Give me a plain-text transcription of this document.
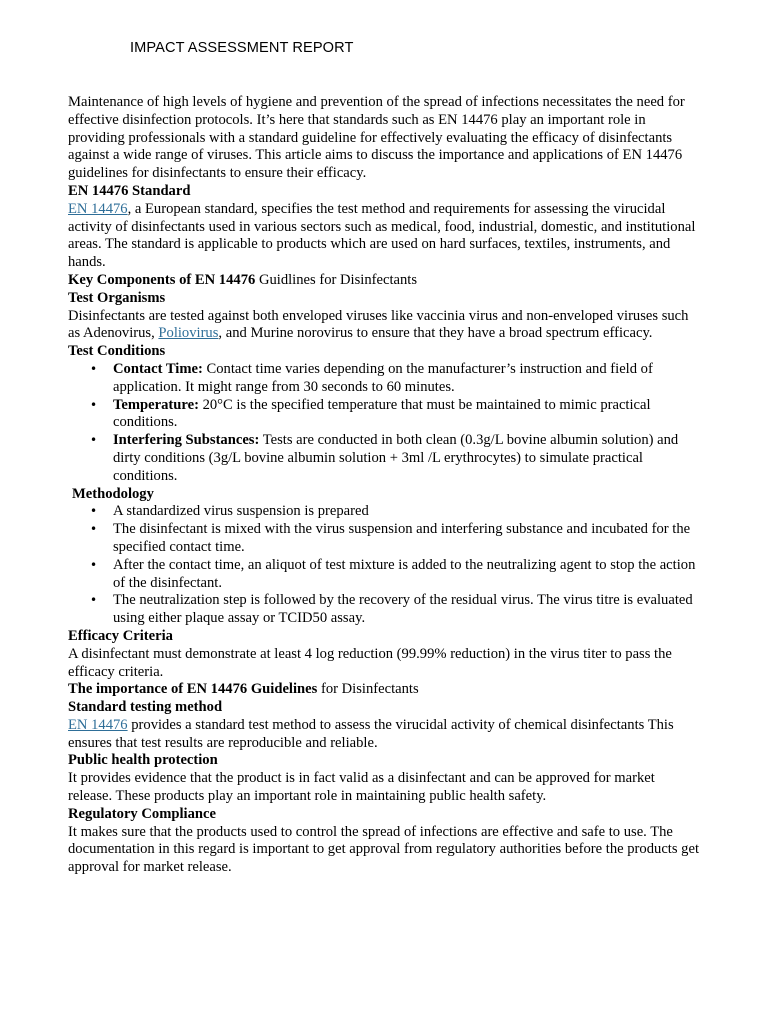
IMPACT ASSESSMENT REPORT

Maintenance of high levels of hygiene and prevention of the spread of infections necessitates the need for effective disinfection protocols. It’s here that standards such as EN 14476 play an important role in providing professionals with a standard guideline for effectively evaluating the efficacy of disinfectants against a wide range of viruses. This article aims to discuss the importance and applications of EN 14476 guidelines for disinfectants to ensure their efficacy.

EN 14476 Standard

EN 14476, a European standard, specifies the test method and requirements for assessing the virucidal activity of disinfectants used in various sectors such as medical, food, industrial, domestic, and institutional areas. The standard is applicable to products which are used on hard surfaces, textiles, instruments, and hands.

Key Components of EN 14476 Guidlines for Disinfectants

Test Organisms

Disinfectants are tested against both enveloped viruses like vaccinia virus and non-enveloped viruses such as Adenovirus, Poliovirus, and Murine norovirus to ensure that they have a broad spectrum efficacy.

Test Conditions

• Contact Time: Contact time varies depending on the manufacturer’s instruction and field of application. It might range from 30 seconds to 60 minutes.
• Temperature: 20°C is the specified temperature that must be maintained to mimic practical conditions.
• Interfering Substances: Tests are conducted in both clean (0.3g/L bovine albumin solution) and dirty conditions (3g/L bovine albumin solution + 3ml /L erythrocytes) to simulate practical conditions.

Methodology

• A standardized virus suspension is prepared
• The disinfectant is mixed with the virus suspension and interfering substance and incubated for the specified contact time.
• After the contact time, an aliquot of test mixture is added to the neutralizing agent to stop the action of the disinfectant.
• The neutralization step is followed by the recovery of the residual virus. The virus titre is evaluated using either plaque assay or TCID50 assay.

Efficacy Criteria

A disinfectant must demonstrate at least 4 log reduction (99.99% reduction) in the virus titer to pass the efficacy criteria.

The importance of EN 14476 Guidelines for Disinfectants

Standard testing method

EN 14476 provides a standard test method to assess the virucidal activity of chemical disinfectants This ensures that test results are reproducible and reliable.

Public health protection

It provides evidence that the product is in fact valid as a disinfectant and can be approved for market release. These products play an important role in maintaining public health safety.

Regulatory Compliance

It makes sure that the products used to control the spread of infections are effective and safe to use. The documentation in this regard is important to get approval from regulatory authorities before the products get approval for market release.
